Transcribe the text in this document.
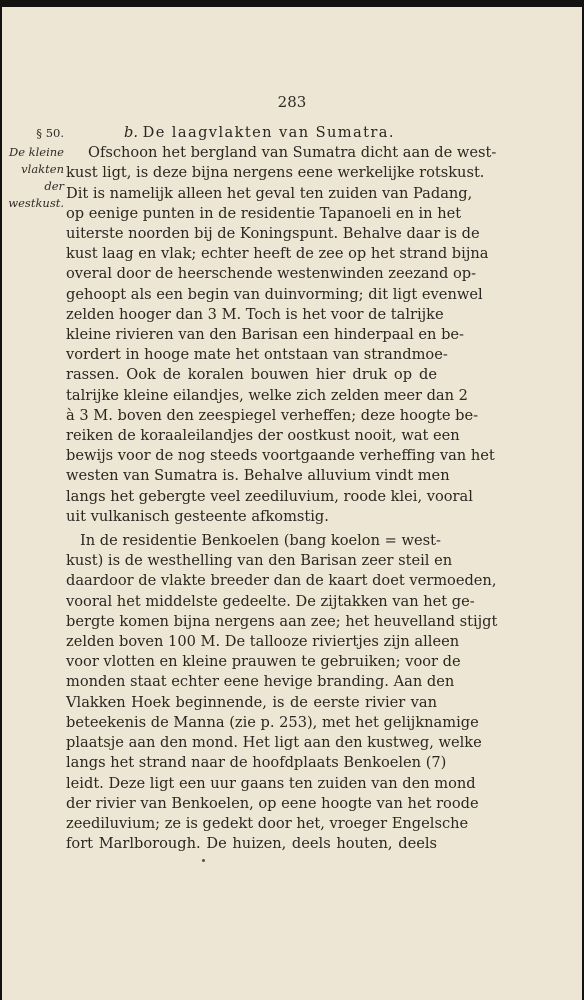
283
§ 50.
De kleine
vlakten der
westkust.
b. De laagvlakten van Sumatra.
Ofschoon het bergland van Sumatra dicht aan de west-
kust ligt, is deze bijna nergens eene werkelijke rotskust.
Dit is namelijk alleen het geval ten zuiden van Padang,
op eenige punten in de residentie Tapanoeli en in het
uiterste noorden bij de Koningspunt. Behalve daar is de
kust laag en vlak; echter heeft de zee op het strand bijna
overal door de heerschende westenwinden zeezand op-
gehoopt als een begin van duinvorming; dit ligt evenwel
zelden hooger dan 3 M. Toch is het voor de talrijke
kleine rivieren van den Barisan een hinderpaal en be-
vordert in hooge mate het ontstaan van strandmoe-
rassen. Ook de koralen bouwen hier druk op de
talrijke kleine eilandjes, welke zich zelden meer dan 2
à 3 M. boven den zeespiegel verheffen; deze hoogte be-
reiken de koraaleilandjes der oostkust nooit, wat een
bewijs voor de nog steeds voortgaande verheffing van het
westen van Sumatra is. Behalve alluvium vindt men
langs het gebergte veel zeediluvium, roode klei, vooral
uit vulkanisch gesteente afkomstig.
In de residentie Benkoelen (bang koelon = west-
kust) is de westhelling van den Barisan zeer steil en
daardoor de vlakte breeder dan de kaart doet vermoeden,
vooral het middelste gedeelte. De zijtakken van het ge-
bergte komen bijna nergens aan zee; het heuvelland stijgt
zelden boven 100 M. De tallooze riviertjes zijn alleen
voor vlotten en kleine prauwen te gebruiken; voor de
monden staat echter eene hevige branding. Aan den
Vlakken Hoek beginnende, is de eerste rivier van
beteekenis de Manna (zie p. 253), met het gelijknamige
plaatsje aan den mond. Het ligt aan den kustweg, welke
langs het strand naar de hoofdplaats Benkoelen (7)
leidt. Deze ligt een uur gaans ten zuiden van den mond
der rivier van Benkoelen, op eene hoogte van het roode
zeediluvium; ze is gedekt door het, vroeger Engelsche
fort Marlborough. De huizen, deels houten, deels
